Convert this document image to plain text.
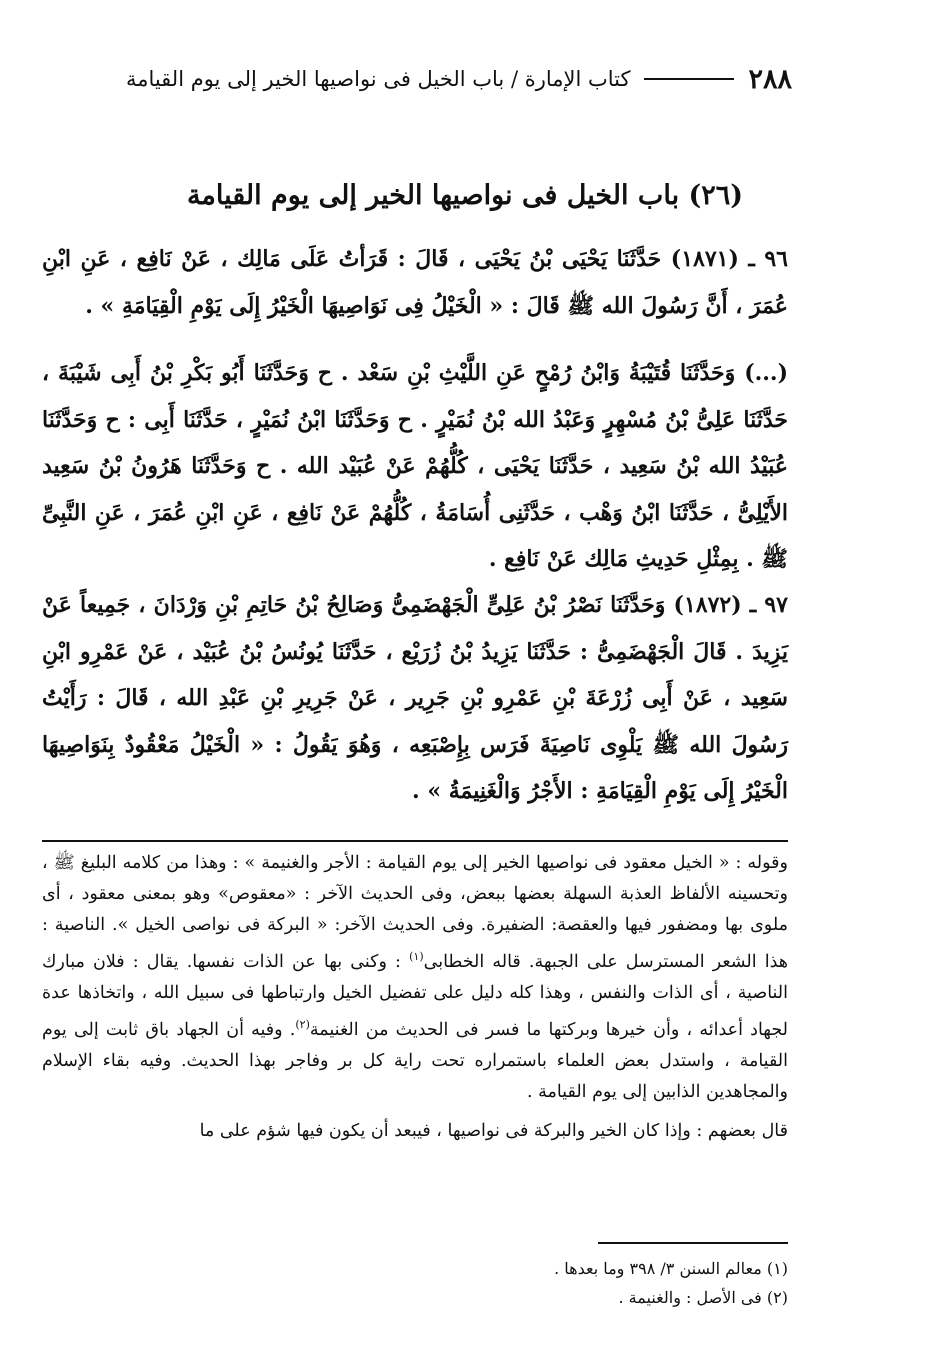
٢٨٨
كتاب الإمارة / باب الخيل فى نواصيها الخير إلى يوم القيامة
(٢٦) باب الخيل فى نواصيها الخير إلى يوم القيامة

٩٦ ـ (١٨٧١) حَدَّثَنَا يَحْيَى بْنُ يَحْيَى ، قَالَ : قَرَأتُ عَلَى مَالِك ، عَنْ نَافِع ، عَنِ ابْنِ عُمَرَ ، أَنَّ رَسُولَ الله ﷺ قَالَ : « الْخَيْلُ فِى نَوَاصِيهَا الْخَيْرُ إِلَى يَوْمِ الْقِيَامَةِ » .

(...) وَحَدَّثَنَا قُتَيْبَةُ وَابْنُ رُمْحٍ عَنِ اللَّيْثِ بْنِ سَعْد . ح وَحَدَّثَنَا أَبُو بَكْرِ بْنُ أَبِى شَيْبَةَ ، حَدَّثَنَا عَلِىُّ بْنُ مُسْهِرٍ وَعَبْدُ الله بْنُ نُمَيْرٍ . ح وَحَدَّثَنَا ابْنُ نُمَيْرٍ ، حَدَّثَنَا أَبِى : ح وَحَدَّثَنَا عُبَيْدُ الله بْنُ سَعِيد ، حَدَّثَنَا يَحْيَى ، كُلُّهُمْ عَنْ عُبَيْد الله . ح وَحَدَّثَنَا هَرُونُ بْنُ سَعِيد الأَيْلِىُّ ، حَدَّثَنَا ابْنُ وَهْب ، حَدَّثَنِى أُسَامَةُ ، كُلُّهُمْ عَنْ نَافِع ، عَنِ ابْنِ عُمَرَ ، عَنِ النَّبِىِّ ﷺ . بِمِثْلِ حَدِيثِ مَالِك عَنْ نَافِع .

٩٧ ـ (١٨٧٢) وَحَدَّثَنَا نَصْرُ بْنُ عَلِىٍّ الْجَهْضَمِىُّ وَصَالِحُ بْنُ حَاتِمِ بْنِ وَرْدَانَ ، جَمِيعاً عَنْ يَزِيدَ . قَالَ الْجَهْضَمِىُّ : حَدَّثَنَا يَزِيدُ بْنُ زُرَيْع ، حَدَّثَنَا يُونُسُ بْنُ عُبَيْد ، عَنْ عَمْرِو ابْنِ سَعِيد ، عَنْ أَبِى زُرْعَةَ بْنِ عَمْرِو بْنِ جَرِير ، عَنْ جَرِيرِ بْنِ عَبْدِ الله ، قَالَ : رَأَيْتُ رَسُولَ الله ﷺ يَلْوِى نَاصِيَةَ فَرَس بِإِصْبَعِه ، وَهُوَ يَقُولُ : « الْخَيْلُ مَعْقُودٌ بِنَوَاصِيهَا الْخَيْرُ إِلَى يَوْمِ الْقِيَامَةِ : الأَجْرُ وَالْغَنِيمَةُ » .

وقوله : « الخيل معقود فى نواصيها الخير إلى يوم القيامة : الأجر والغنيمة » : وهذا من كلامه البليغ ﷺ ، وتحسينه الألفاظ العذبة السهلة بعضها ببعض، وفى الحديث الآخر : «معقوص» وهو بمعنى معقود ، أى ملوى بها ومضفور فيها والعقصة: الضفيرة. وفى الحديث الآخر: « البركة فى نواصى الخيل ». الناصية : هذا الشعر المسترسل على الجبهة. قاله الخطابى$^{(١)}$ : وكنى بها عن الذات نفسها. يقال : فلان مبارك الناصية ، أى الذات والنفس ، وهذا كله دليل على تفضيل الخيل وارتباطها فى سبيل الله ، واتخاذها عدة لجهاد أعدائه ، وأن خيرها وبركتها ما فسر فى الحديث من الغنيمة$^{(٢)}$. وفيه أن الجهاد باق ثابت إلى يوم القيامة ، واستدل بعض العلماء باستمراره تحت راية كل بر وفاجر بهذا الحديث. وفيه بقاء الإسلام والمجاهدين الذابين إلى يوم القيامة .

قال بعضهم : وإذا كان الخير والبركة فى نواصيها ، فيبعد أن يكون فيها شؤم على ما

(١) معالم السنن ٣/ ٣٩٨ وما بعدها .
(٢) فى الأصل : والغنيمة .
